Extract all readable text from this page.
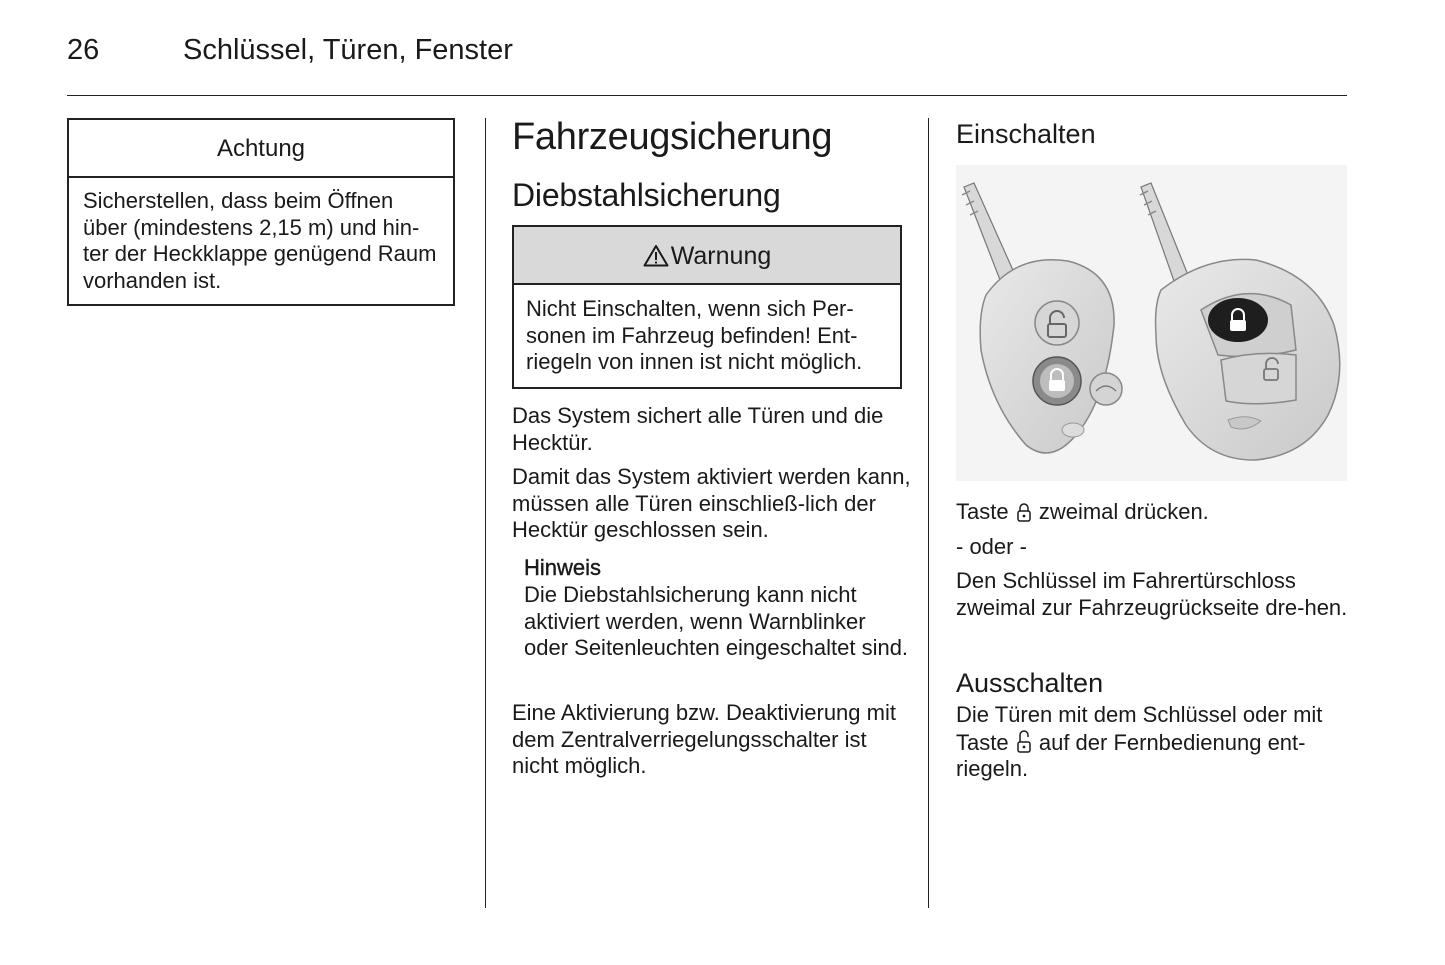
26	Schlüssel, Türen, Fenster
Achtung
Sicherstellen, dass beim Öffnen über (mindestens 2,15 m) und hin-ter der Heckklappe genügend Raum vorhanden ist.
Fahrzeugsicherung
Diebstahlsicherung
Warnung
Nicht Einschalten, wenn sich Per-sonen im Fahrzeug befinden! Ent-riegeln von innen ist nicht möglich.
Das System sichert alle Türen und die Hecktür.
Damit das System aktiviert werden kann, müssen alle Türen einschließ-lich der Hecktür geschlossen sein.
Hinweis
Die Diebstahlsicherung kann nicht aktiviert werden, wenn Warnblinker oder Seitenleuchten eingeschaltet sind.
Eine Aktivierung bzw. Deaktivierung mit dem Zentralverriegelungsschalter ist nicht möglich.
Einschalten
Taste zweimal drücken.
- oder -
Den Schlüssel im Fahrertürschloss zweimal zur Fahrzeugrückseite dre-hen.
Ausschalten
Die Türen mit dem Schlüssel oder mit Taste auf der Fernbedienung ent-riegeln.
